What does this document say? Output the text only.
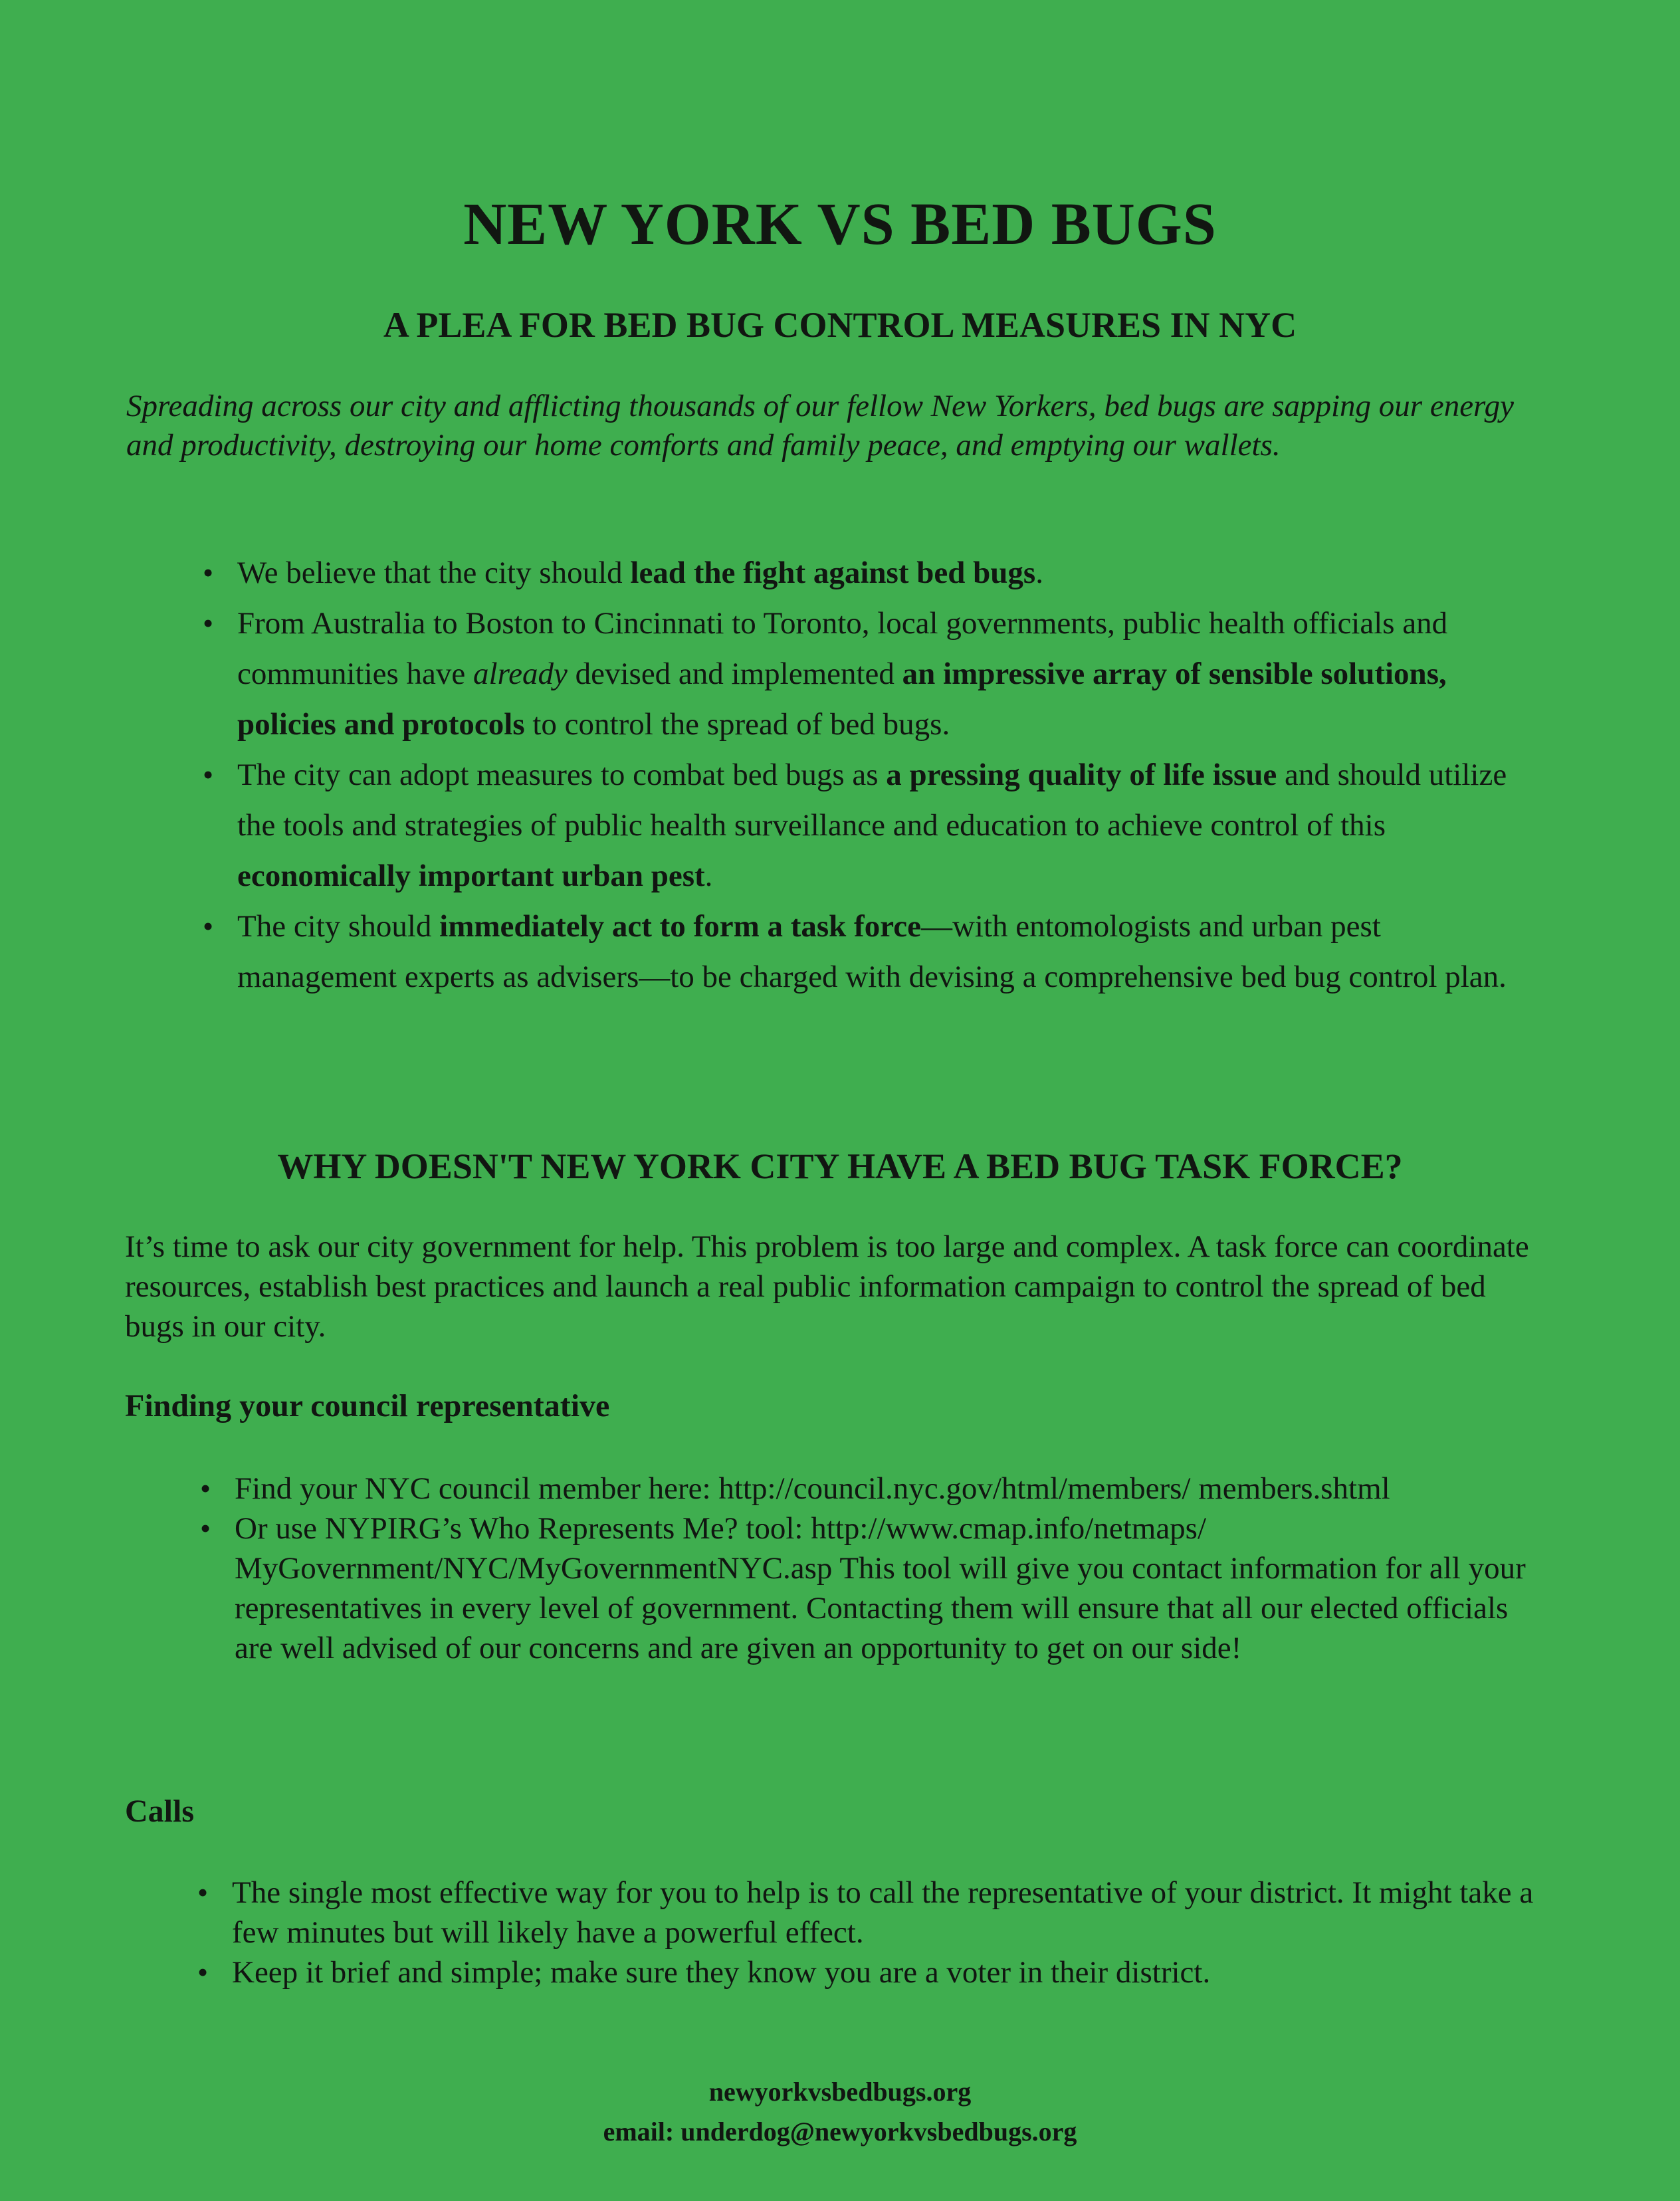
NEW YORK VS BED BUGS
A PLEA FOR BED BUG CONTROL MEASURES IN NYC
Spreading across our city and afflicting thousands of our fellow New Yorkers, bed bugs are sapping our energy and productivity, destroying our home comforts and family peace, and emptying our wallets.
• We believe that the city should lead the fight against bed bugs.
• From Australia to Boston to Cincinnati to Toronto, local governments, public health officials and communities have already devised and implemented an impressive array of sensible solutions, policies and protocols to control the spread of bed bugs.
• The city can adopt measures to combat bed bugs as a pressing quality of life issue and should utilize the tools and strategies of public health surveillance and education to achieve control of this economically important urban pest.
• The city should immediately act to form a task force—with entomologists and urban pest management experts as advisers—to be charged with devising a comprehensive bed bug control plan.
WHY DOESN'T NEW YORK CITY HAVE A BED BUG TASK FORCE?
It’s time to ask our city government for help. This problem is too large and complex. A task force can coordinate resources, establish best practices and launch a real public information campaign to control the spread of bed bugs in our city.
Finding your council representative
• Find your NYC council member here: http://council.nyc.gov/html/members/ members.shtml
• Or use NYPIRG’s Who Represents Me? tool: http://www.cmap.info/netmaps/ MyGovernment/NYC/MyGovernmentNYC.asp This tool will give you contact information for all your representatives in every level of government. Contacting them will ensure that all our elected officials are well advised of our concerns and are given an opportunity to get on our side!
Calls
• The single most effective way for you to help is to call the representative of your district. It might take a few minutes but will likely have a powerful effect.
• Keep it brief and simple; make sure they know you are a voter in their district.
newyorkvsbedbugs.org
email: underdog@newyorkvsbedbugs.org
